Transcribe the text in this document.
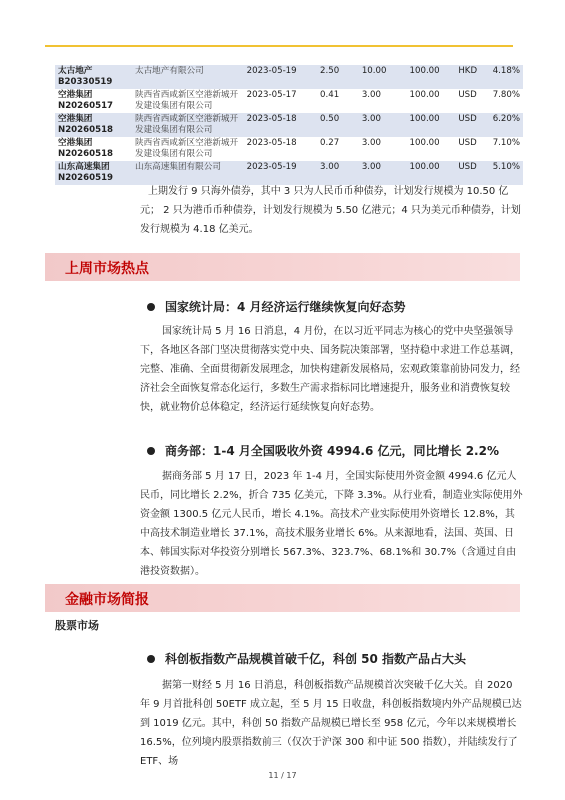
太古地产 B20330519	太古地产有限公司	2023-05-19	2.50	10.00	100.00	HKD	4.18%
空港集团 N20260517	陕西省西咸新区空港新城开发建设集团有限公司	2023-05-17	0.41	3.00	100.00	USD	7.80%
空港集团 N20260518	陕西省西咸新区空港新城开发建设集团有限公司	2023-05-18	0.50	3.00	100.00	USD	6.20%
空港集团 N20260518	陕西省西咸新区空港新城开发建设集团有限公司	2023-05-18	0.27	3.00	100.00	USD	7.10%
山东高速集团 N20260519	山东高速集团有限公司	2023-05-19	3.00	3.00	100.00	USD	5.10%
上期发行 9 只海外债券，其中 3 只为人民币币种债券，计划发行规模为 10.50 亿元； 2 只为港币币种债券，计划发行规模为 5.50 亿港元；4 只为美元币种债券，计划发行规模为 4.18 亿美元。
上周市场热点
国家统计局：4 月经济运行继续恢复向好态势
国家统计局 5 月 16 日消息，4 月份，在以习近平同志为核心的党中央坚强领导下，各地区各部门坚决贯彻落实党中央、国务院决策部署，坚持稳中求进工作总基调，完整、准确、全面贯彻新发展理念，加快构建新发展格局，宏观政策靠前协同发力，经济社会全面恢复常态化运行，多数生产需求指标同比增速提升，服务业和消费恢复较快，就业物价总体稳定，经济运行延续恢复向好态势。
商务部：1-4 月全国吸收外资 4994.6 亿元，同比增长 2.2%
据商务部 5 月 17 日，2023 年 1-4 月，全国实际使用外资金额 4994.6 亿元人民币，同比增长 2.2%，折合 735 亿美元，下降 3.3%。从行业看，制造业实际使用外资金额 1300.5 亿元人民币，增长 4.1%。高技术产业实际使用外资增长 12.8%，其中高技术制造业增长 37.1%，高技术服务业增长 6%。从来源地看，法国、英国、日本、韩国实际对华投资分别增长 567.3%、323.7%、68.1%和 30.7%（含通过自由港投资数据）。
金融市场简报
股票市场
科创板指数产品规模首破千亿，科创 50 指数产品占大头
据第一财经 5 月 16 日消息，科创板指数产品规模首次突破千亿大关。自 2020 年 9 月首批科创 50ETF 成立起，至 5 月 15 日收盘，科创板指数境内外产品规模已达到 1019 亿元。其中，科创 50 指数产品规模已增长至 958 亿元，今年以来规模增长 16.5%，位列境内股票指数前三（仅次于沪深 300 和中证 500 指数），并陆续发行了 ETF、场
11 / 17
